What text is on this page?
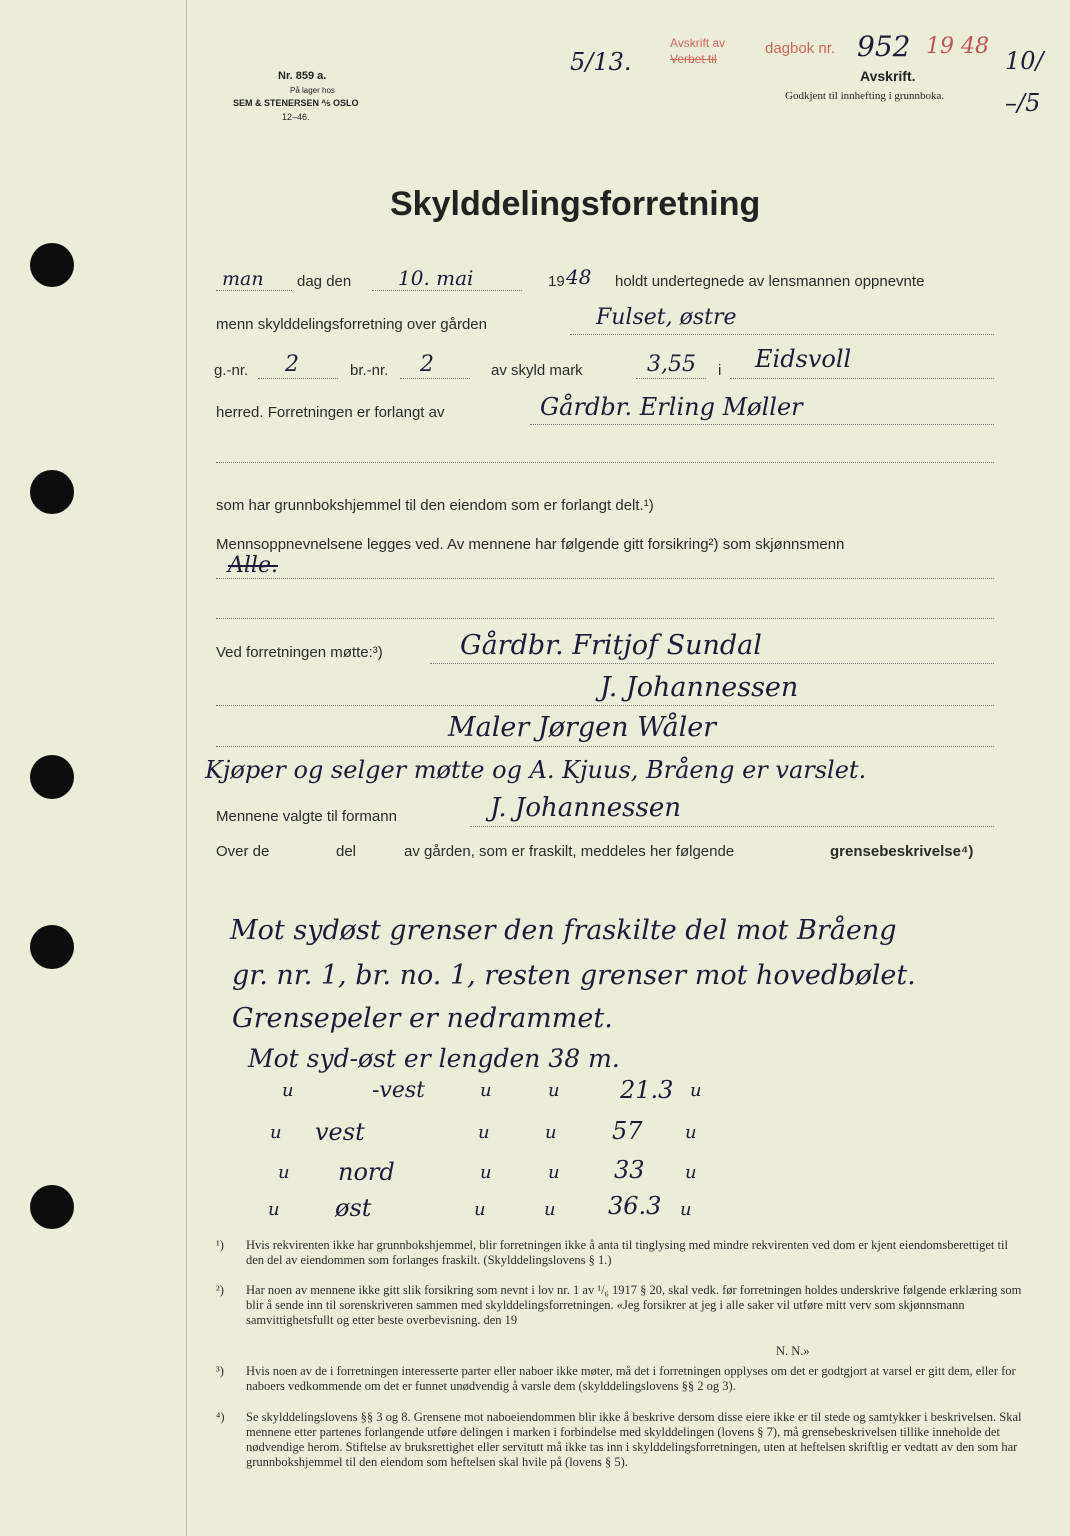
Nr. 859 a.
På lager hos
SEM & STENERSEN ⅍ OSLO
12–46.
5/13.
Avskrift av
Verbet til
dagbok nr. 952 19 48
10/ –/5
Avskrift.
Godkjent til innhefting i grunnboka.
Skylddelingsforretning
man dag den 10. mai	19 48 holdt undertegnede av lensmannen oppnevnte
menn skylddelingsforretning over gården	Fulset, østre
g.-nr. 2	br.-nr. 2	av skyld mark	3,55 i Eidsvoll
herred. Forretningen er forlangt av	Gårdbr. Erling Møller
som har grunnbokshjemmel til den eiendom som er forlangt delt.¹)
Mennsoppnevnelsene legges ved. Av mennene har følgende gitt forsikring²) som skjønnsmenn
Alle.
Ved forretningen møtte:³)	Gårdbr. Fritjof Sundal
J. Johannessen
Maler Jørgen Wåler
Kjøper og selger møtte og A. Kjuus, Bråeng er varslet.
Mennene valgte til formann	J. Johannessen
Over de	del	av gården, som er fraskilt, meddeles her følgende	grensebeskrivelse⁴)
Mot sydøst grenser den fraskilte del mot Bråeng
gr. nr. 1, br. no. 1, resten grenser mot hovedbølet.
Grensepeler er nedrammet.
Mot syd-øst er lengden 38 m.
u	-vest	u	u	21.3 u
u vest	u	u 57 u
u nord	u	u 33 u
u øst	u	u 36.3 u
¹) Hvis rekvirenten ikke har grunnbokshjemmel, blir forretningen ikke å anta til tinglysing med mindre rekvirenten ved dom er kjent eiendomsberettiget til den del av eiendommen som forlanges fraskilt. (Skylddelingslovens § 1.)
²) Har noen av mennene ikke gitt slik forsikring som nevnt i lov nr. 1 av ¹/₆ 1917 § 20, skal vedk. før forretningen holdes underskrive følgende erklæring som blir å sende inn til sorenskriveren sammen med skylddelingsforretningen. «Jeg forsikrer at jeg i alle saker vil utføre mitt verv som skjønnsmann samvittighetsfullt og etter beste overbevisning. den 19
N. N.»
³) Hvis noen av de i forretningen interesserte parter eller naboer ikke møter, må det i forretningen opplyses om det er godtgjort at varsel er gitt dem, eller for naboers vedkommende om det er funnet unødvendig å varsle dem (skylddelingslovens §§ 2 og 3).
⁴) Se skylddelingslovens §§ 3 og 8. Grensene mot naboeiendommen blir ikke å beskrive dersom disse eiere ikke er til stede og samtykker i beskrivelsen. Skal mennene etter partenes forlangende utføre delingen i marken i forbindelse med skylddelingen (lovens § 7), må grensebeskrivelsen tillike inneholde det nødvendige herom. Stiftelse av bruksrettighet eller servitutt må ikke tas inn i skylddelingsforretningen, uten at heftelsen skriftlig er vedtatt av den som har grunnbokshjemmel til den eiendom som heftelsen skal hvile på (lovens § 5).
